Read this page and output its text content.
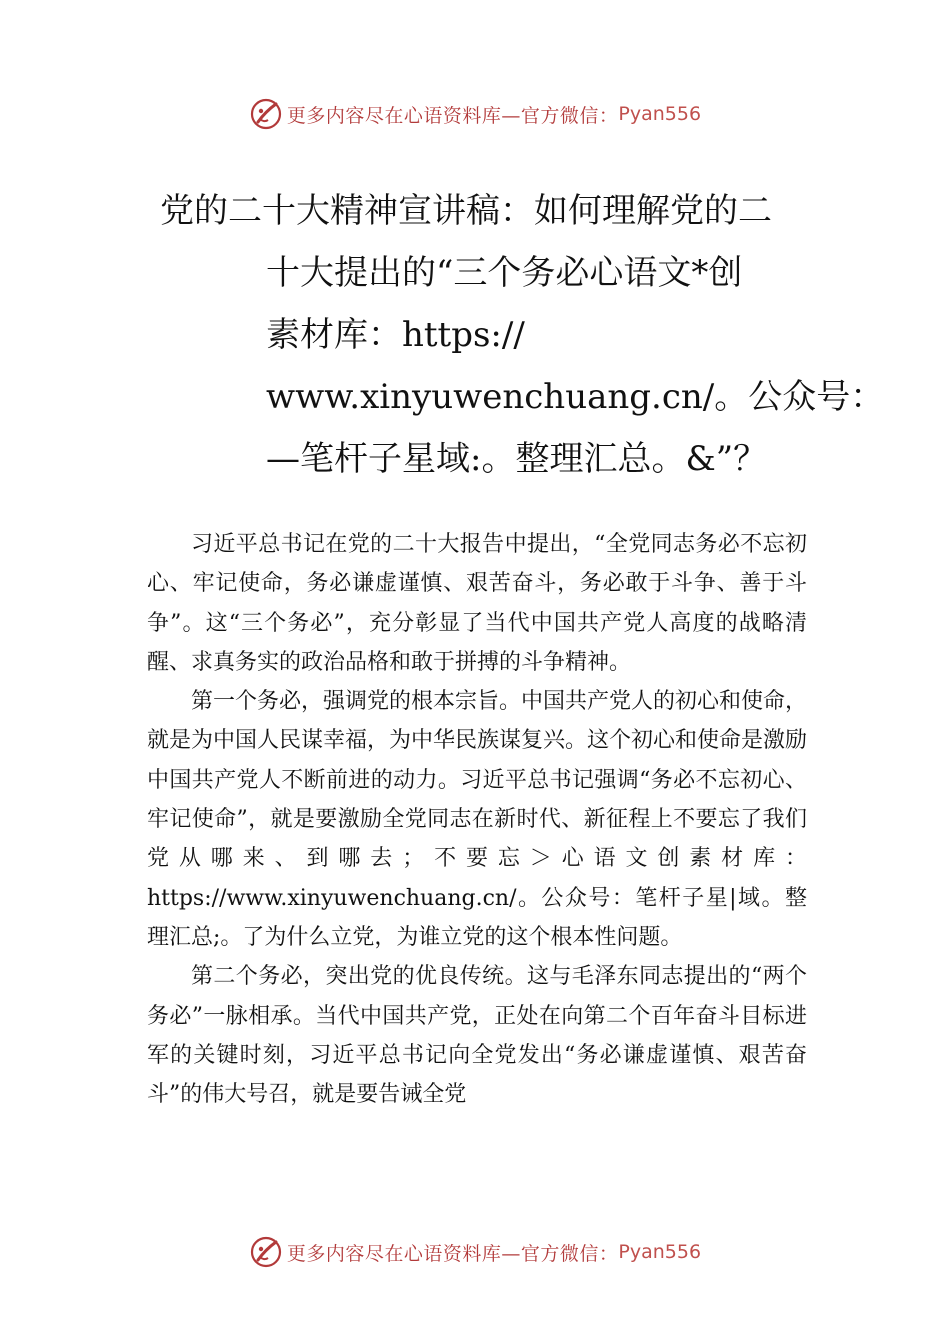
更多内容尽在心语资料库—官方微信： Pyan556
党的二十大精神宣讲稿：如何理解党的二
十大提出的“三个务必心语文*创
素材库：https://
www.xinyuwenchuang.cn/。公众号：
—笔杆子星域:。整理汇总。&”？

习近平总书记在党的二十大报告中提出，“全党同志务必不忘初心、牢记使命，务必谦虚谨慎、艰苦奋斗，务必敢于斗争、善于斗争”。这“三个务必”，充分彰显了当代中国共产党人高度的战略清醒、求真务实的政治品格和敢于拼搏的斗争精神。

第一个务必，强调党的根本宗旨。中国共产党人的初心和使命，就是为中国人民谋幸福，为中华民族谋复兴。这个初心和使命是激励中国共产党人不断前进的动力。习近平总书记强调“务必不忘初心、牢记使命”，就是要激励全党同志在新时代、新征程上不要忘了我们党从哪来、到哪去；不要忘＞心语文创素材库：https://www.xinyuwenchuang.cn/。公众号：笔杆子星|域。整理汇总;。了为什么立党，为谁立党的这个根本性问题。

第二个务必，突出党的优良传统。这与毛泽东同志提出的“两个务必”一脉相承。当代中国共产党，正处在向第二个百年奋斗目标进军的关键时刻，习近平总书记向全党发出“务必谦虚谨慎、艰苦奋斗”的伟大号召，就是要告诫全党

更多内容尽在心语资料库—官方微信： Pyan556
